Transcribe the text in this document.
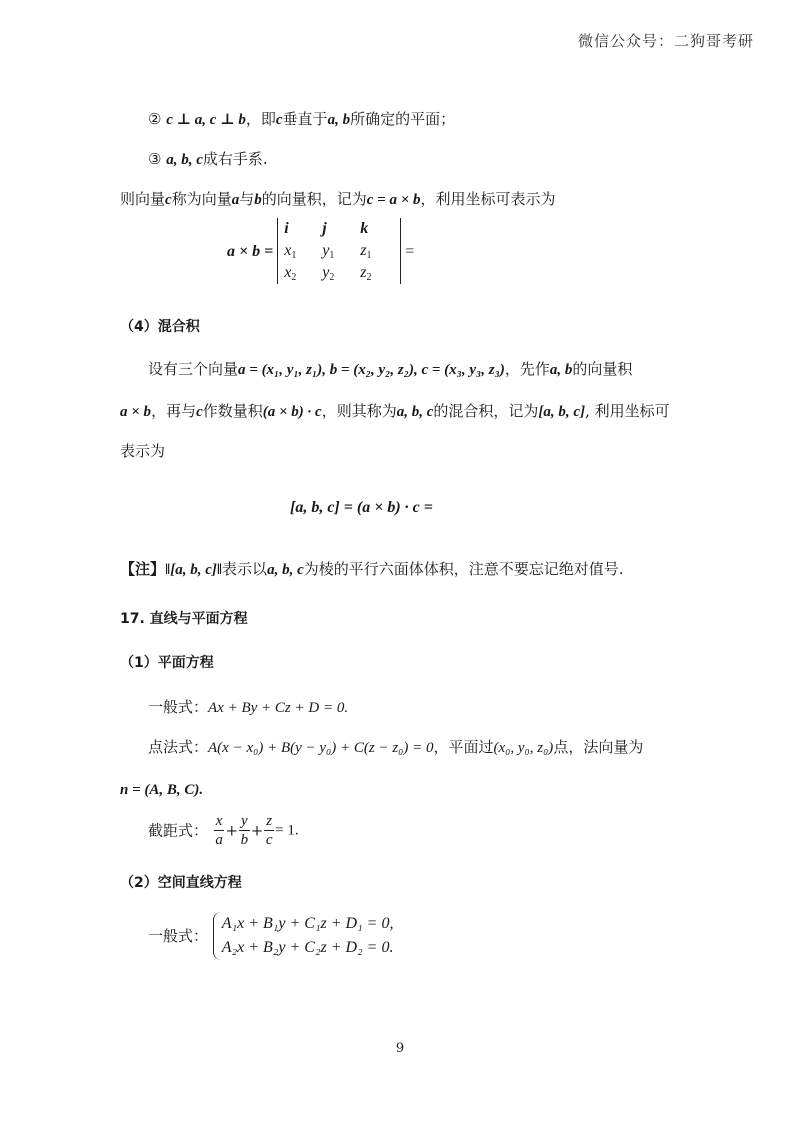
微信公众号：二狗哥考研
② c ⊥ a, c ⊥ b，即c垂直于a, b所确定的平面；
③ a, b, c成右手系.
则向量c称为向量a与b的向量积，记为c = a × b，利用坐标可表示为
a × b =	
i	j	k
$x_1$	$y_1$	$z_1$
$x_2$	$y_2$	$z_2$
	=
（4）混合积
设有三个向量a = (x₁, y₁, z₁), b = (x₂, y₂, z₂), c = (x₃, y₃, z₃)，先作a, b的向量积
a × b，再与c作数量积(a × b) · c，则其称为a, b, c的混合积，记为[a, b, c], 利用坐标可
表示为
[a, b, c] = (a × b) · c =
【注】‖[a, b, c]‖表示以a, b, c为棱的平行六面体体积，注意不要忘记绝对值号.
17. 直线与平面方程
（1）平面方程
一般式：Ax + By + Cz + D = 0.
点法式：A(x − x₀) + B(y − y₀) + C(z − z₀) = 0，平面过(x₀, y₀, z₀)点，法向量为
n = (A, B, C).
截距式： $\frac{x}{a} + \frac{y}{b} + \frac{z}{c} = 1$.
（2）空间直线方程
一般式：
A₁x + B₁y + C₁z + D₁ = 0,
A₂x + B₂y + C₂z + D₂ = 0.
9
